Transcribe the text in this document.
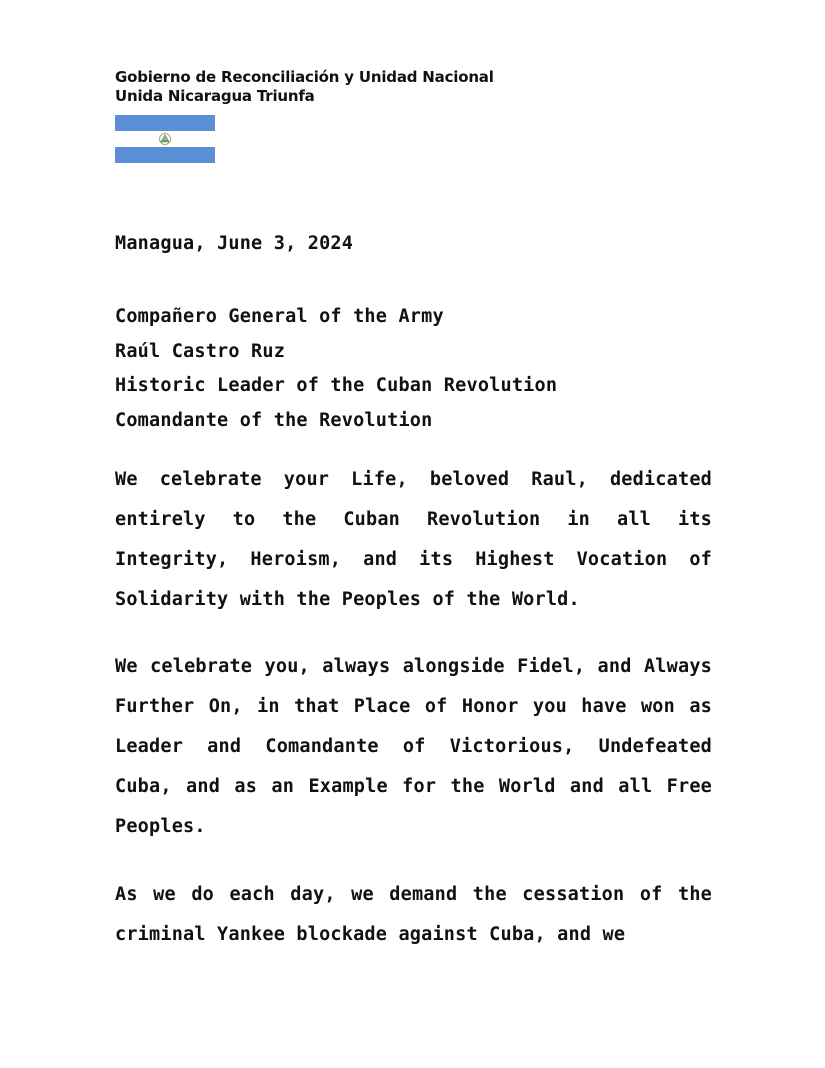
Gobierno de Reconciliación y Unidad Nacional
Unida Nicaragua Triunfa
Managua, June 3, 2024
Compañero General of the Army
Raúl Castro Ruz
Historic Leader of the Cuban Revolution
Comandante of the Revolution
We celebrate your Life, beloved Raul, dedicated entirely to the Cuban Revolution in all its Integrity, Heroism, and its Highest Vocation of Solidarity with the Peoples of the World.
We celebrate you, always alongside Fidel, and Always Further On, in that Place of Honor you have won as Leader and Comandante of Victorious, Undefeated Cuba, and as an Example for the World and all Free Peoples.
As we do each day, we demand the cessation of the criminal Yankee blockade against Cuba, and we
